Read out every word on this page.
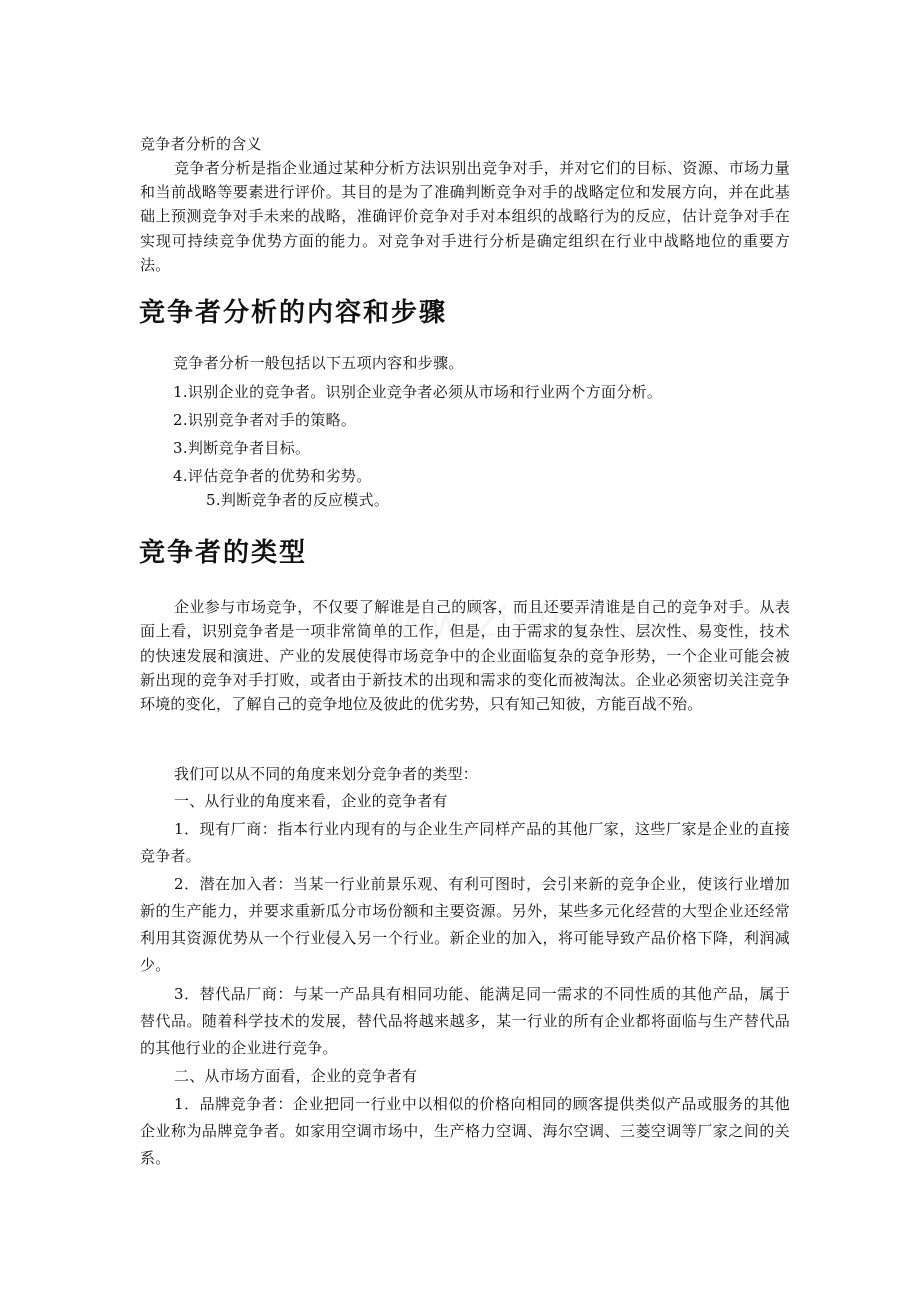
竞争者分析的含义

竞争者分析是指企业通过某种分析方法识别出竞争对手，并对它们的目标、资源、市场力量和当前战略等要素进行评价。其目的是为了准确判断竞争对手的战略定位和发展方向，并在此基础上预测竞争对手未来的战略，准确评价竞争对手对本组织的战略行为的反应，估计竞争对手在实现可持续竞争优势方面的能力。对竞争对手进行分析是确定组织在行业中战略地位的重要方法。

竞争者分析的内容和步骤

竞争者分析一般包括以下五项内容和步骤。

1.识别企业的竞争者。识别企业竞争者必须从市场和行业两个方面分析。

2.识别竞争者对手的策略。

3.判断竞争者目标。

4.评估竞争者的优势和劣势。

5.判断竞争者的反应模式。

竞争者的类型

企业参与市场竞争，不仅要了解谁是自己的顾客，而且还要弄清谁是自己的竞争对手。从表面上看，识别竞争者是一项非常简单的工作，但是，由于需求的复杂性、层次性、易变性，技术的快速发展和演进、产业的发展使得市场竞争中的企业面临复杂的竞争形势，一个企业可能会被新出现的竞争对手打败，或者由于新技术的出现和需求的变化而被淘汰。企业必须密切关注竞争环境的变化，了解自己的竞争地位及彼此的优劣势，只有知己知彼，方能百战不殆。

我们可以从不同的角度来划分竞争者的类型：

一、从行业的角度来看，企业的竞争者有

1．现有厂商：指本行业内现有的与企业生产同样产品的其他厂家，这些厂家是企业的直接竞争者。

2．潜在加入者：当某一行业前景乐观、有利可图时，会引来新的竞争企业，使该行业增加新的生产能力，并要求重新瓜分市场份额和主要资源。另外，某些多元化经营的大型企业还经常利用其资源优势从一个行业侵入另一个行业。新企业的加入，将可能导致产品价格下降，利润减少。

3．替代品厂商：与某一产品具有相同功能、能满足同一需求的不同性质的其他产品，属于替代品。随着科学技术的发展，替代品将越来越多，某一行业的所有企业都将面临与生产替代品的其他行业的企业进行竞争。

二、从市场方面看，企业的竞争者有

1．品牌竞争者：企业把同一行业中以相似的价格向相同的顾客提供类似产品或服务的其他企业称为品牌竞争者。如家用空调市场中，生产格力空调、海尔空调、三菱空调等厂家之间的关系。
